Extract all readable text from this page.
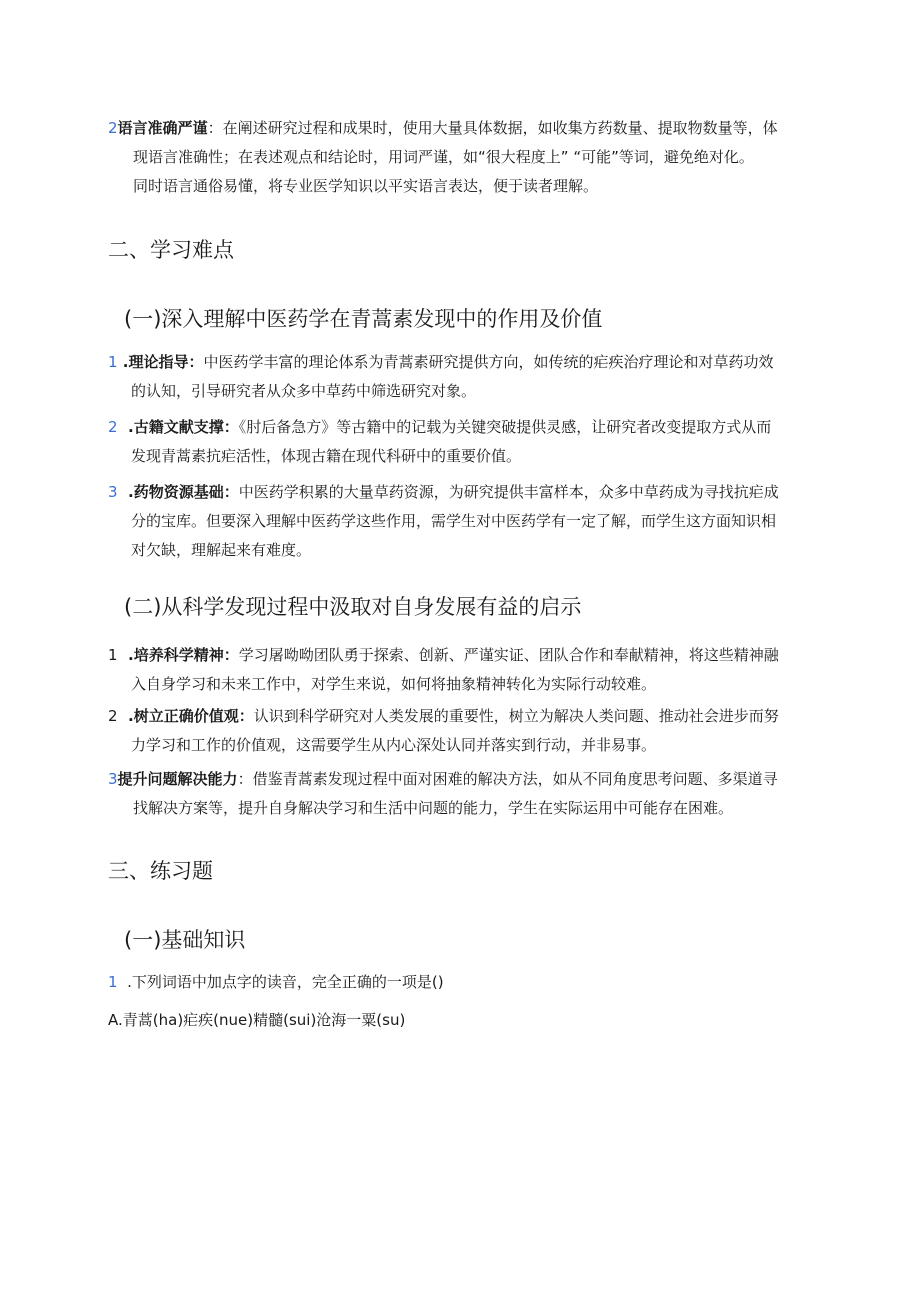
2语言准确严谨：在阐述研究过程和成果时，使用大量具体数据，如收集方药数量、提取物数量等，体
现语言准确性；在表述观点和结论时，用词严谨，如“很大程度上” “可能”等词，避免绝对化。
同时语言通俗易懂，将专业医学知识以平实语言表达，便于读者理解。
二、学习难点
(一)深入理解中医药学在青蒿素发现中的作用及价值
1 .理论指导：中医药学丰富的理论体系为青蒿素研究提供方向，如传统的疟疾治疗理论和对草药功效
的认知，引导研究者从众多中草药中筛选研究对象。
2  .古籍文献支撑：《肘后备急方》等古籍中的记载为关键突破提供灵感，让研究者改变提取方式从而
发现青蒿素抗疟活性，体现古籍在现代科研中的重要价值。
3  .药物资源基础：中医药学积累的大量草药资源，为研究提供丰富样本，众多中草药成为寻找抗疟成
分的宝库。但要深入理解中医药学这些作用，需学生对中医药学有一定了解，而学生这方面知识相
对欠缺，理解起来有难度。
(二)从科学发现过程中汲取对自身发展有益的启示
1  .培养科学精神：学习屠呦呦团队勇于探索、创新、严谨实证、团队合作和奉献精神，将这些精神融
入自身学习和未来工作中，对学生来说，如何将抽象精神转化为实际行动较难。
2  .树立正确价值观：认识到科学研究对人类发展的重要性，树立为解决人类问题、推动社会进步而努
力学习和工作的价值观，这需要学生从内心深处认同并落实到行动，并非易事。
3提升问题解决能力：借鉴青蒿素发现过程中面对困难的解决方法，如从不同角度思考问题、多渠道寻
找解决方案等，提升自身解决学习和生活中问题的能力，学生在实际运用中可能存在困难。
三、练习题
(一)基础知识
1  .下列词语中加点字的读音，完全正确的一项是()
A.青蒿(ha)疟疾(nue)精髓(sui)沧海一粟(su)
